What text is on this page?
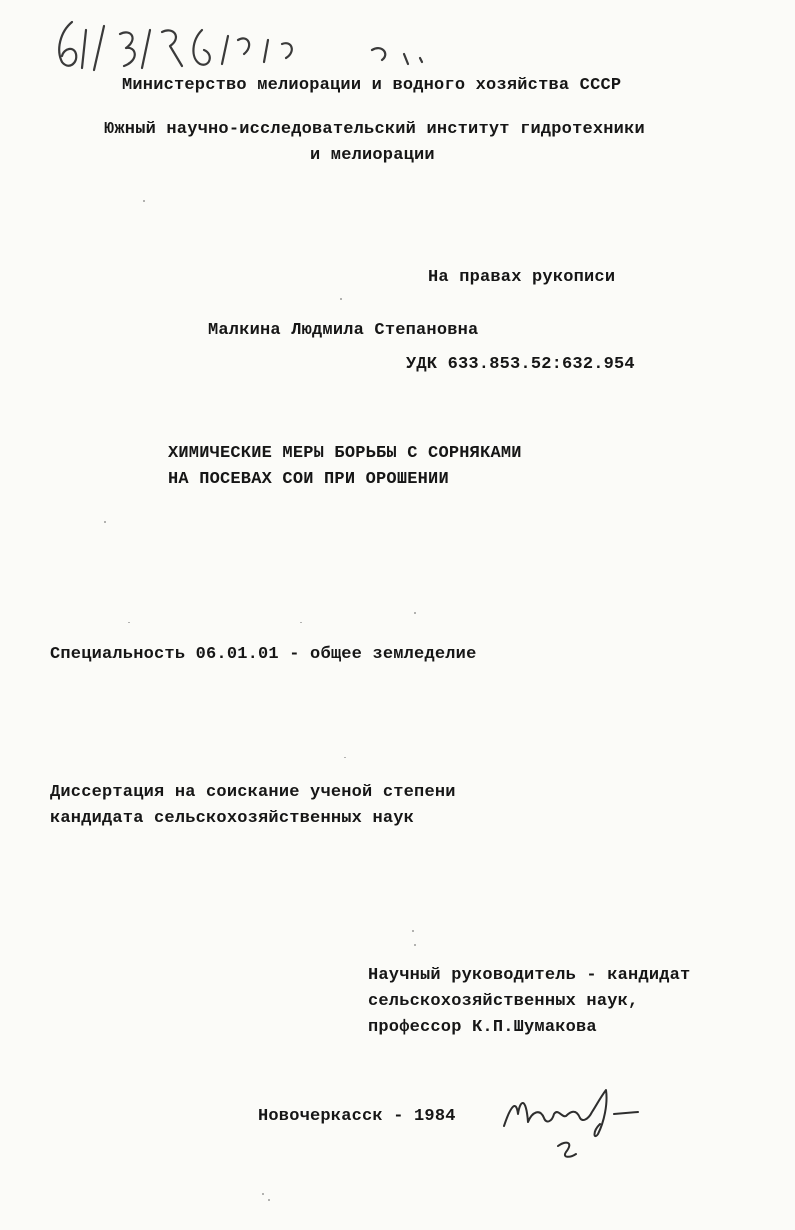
Министерство мелиорации и водного хозяйства СССР
Южный научно-исследовательский институт гидротехники
и мелиорации
На правах рукописи
Малкина Людмила Степановна
УДК 633.853.52:632.954
ХИМИЧЕСКИЕ МЕРЫ БОРЬБЫ С СОРНЯКАМИ
НА ПОСЕВАХ СОИ ПРИ ОРОШЕНИИ
Специальность 06.01.01 - общее земледелие
Диссертация на соискание ученой степени
кандидата сельскохозяйственных наук
Научный руководитель - кандидат
сельскохозяйственных наук,
профессор К.П.Шумакова
Новочеркасск - 1984
